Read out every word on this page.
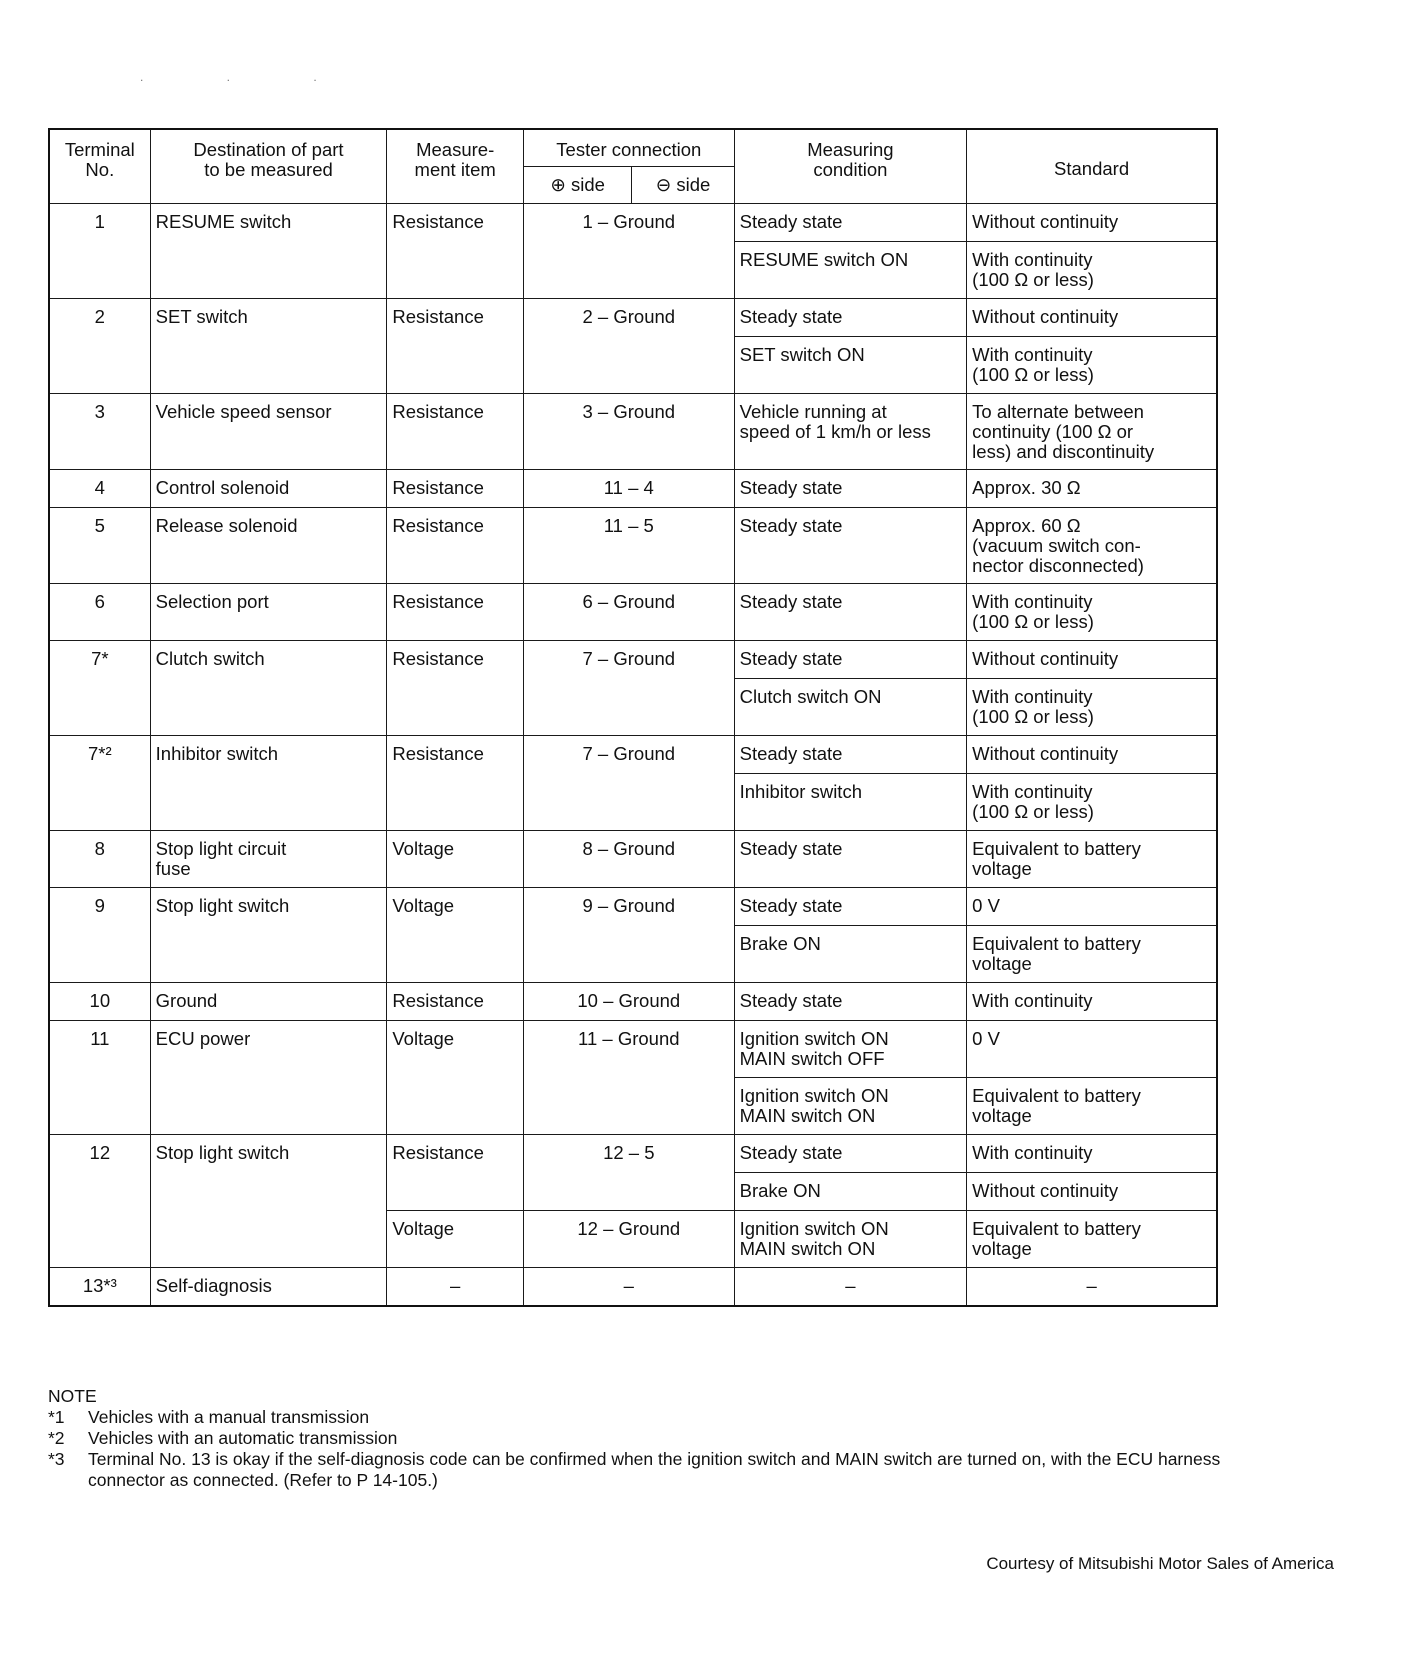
. . .
Terminal
No.	Destination of part
to be measured	Measure-
ment item	Tester connection		Measuring
condition	Standard
			⊕ side	⊖ side		
1	RESUME switch	Resistance	1 – Ground		Steady state	Without continuity
					RESUME switch ON	With continuity
(100 Ω or less)
2	SET switch	Resistance	2 – Ground		Steady state	Without continuity
					SET switch ON	With continuity
(100 Ω or less)
3	Vehicle speed sensor	Resistance	3 – Ground		Vehicle running at
speed of 1 km/h or less	To alternate between
continuity (100 Ω or
less) and discontinuity
4	Control solenoid	Resistance	11 – 4		Steady state	Approx. 30 Ω
5	Release solenoid	Resistance	11 – 5		Steady state	Approx. 60 Ω
(vacuum switch con-
nector disconnected)
6	Selection port	Resistance	6 – Ground		Steady state	With continuity
(100 Ω or less)
7*	Clutch switch	Resistance	7 – Ground		Steady state	Without continuity
					Clutch switch ON	With continuity
(100 Ω or less)
7*²	Inhibitor switch	Resistance	7 – Ground		Steady state	Without continuity
					Inhibitor switch	With continuity
(100 Ω or less)
8	Stop light circuit
fuse	Voltage	8 – Ground		Steady state	Equivalent to battery
voltage
9	Stop light switch	Voltage	9 – Ground		Steady state	0 V
					Brake ON	Equivalent to battery
voltage
10	Ground	Resistance	10 – Ground		Steady state	With continuity
11	ECU power	Voltage	11 – Ground		Ignition switch ON
MAIN switch OFF	0 V
					Ignition switch ON
MAIN switch ON	Equivalent to battery
voltage
12	Stop light switch	Resistance	12 – 5		Steady state	With continuity
					Brake ON	Without continuity
		Voltage	12 – Ground		Ignition switch ON
MAIN switch ON	Equivalent to battery
voltage
13*³	Self-diagnosis	–	–		–	–
NOTE
*1	Vehicles with a manual transmission
*2	Vehicles with an automatic transmission
*3	Terminal No. 13 is okay if the self-diagnosis code can be confirmed when the ignition switch and MAIN switch are turned on, with the ECU harness connector as connected. (Refer to P 14-105.)
Courtesy of Mitsubishi Motor Sales of America
